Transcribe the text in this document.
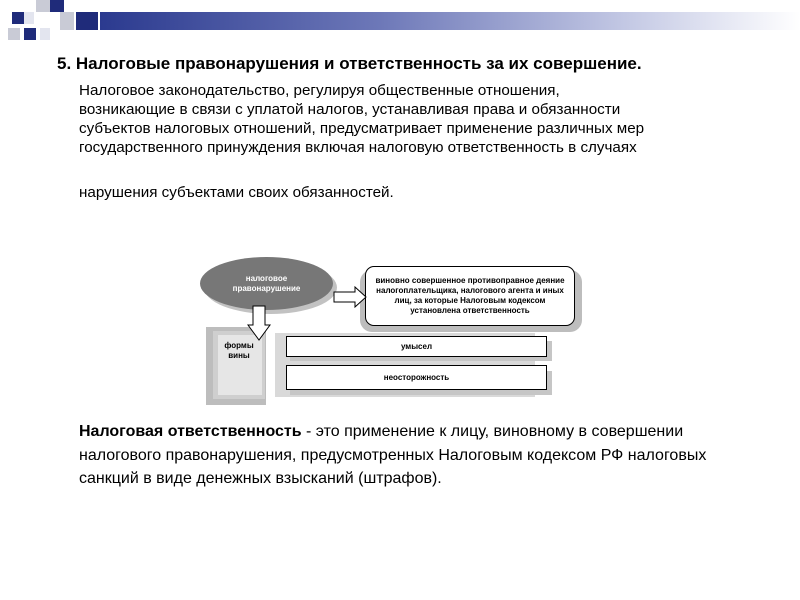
5. Налоговые правонарушения и ответственность за их совершение.

Налоговое законодательство, регулируя общественные отношения,
возникающие в связи с уплатой налогов, устанавливая права и обязанности
субъектов налоговых отношений, предусматривает применение различных мер
государственного принуждения включая налоговую ответственность в случаях

нарушения субъектами своих обязанностей.
формы вины
налоговое правонарушение
виновно совершенное противоправное деяние налогоплательщика, налогового агента и иных лиц, за которые Налоговым кодексом установлена ответственность
умысел
неосторожность

Налоговая ответственность - это применение к лицу, виновному в совершении налогового правонарушения, предусмотренных Налоговым кодексом РФ налоговых санкций в виде денежных взысканий (штрафов).
